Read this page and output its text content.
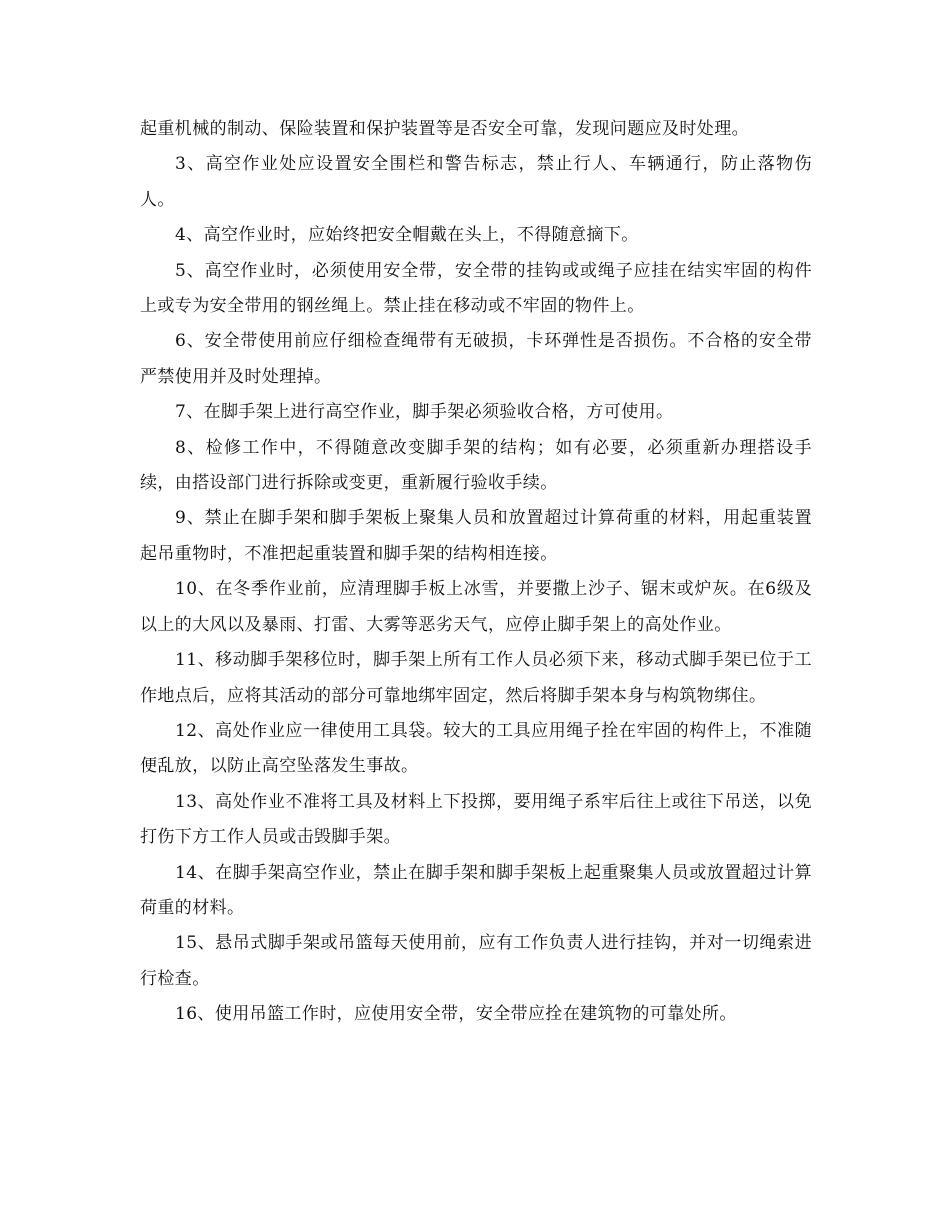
起重机械的制动、保险装置和保护装置等是否安全可靠，发现问题应及时处理。

3、高空作业处应设置安全围栏和警告标志，禁止行人、车辆通行，防止落物伤人。

4、高空作业时，应始终把安全帽戴在头上，不得随意摘下。

5、高空作业时，必须使用安全带，安全带的挂钩或或绳子应挂在结实牢固的构件上或专为安全带用的钢丝绳上。禁止挂在移动或不牢固的物件上。

6、安全带使用前应仔细检查绳带有无破损，卡环弹性是否损伤。不合格的安全带严禁使用并及时处理掉。

7、在脚手架上进行高空作业，脚手架必须验收合格，方可使用。

8、检修工作中，不得随意改变脚手架的结构；如有必要，必须重新办理搭设手续，由搭设部门进行拆除或变更，重新履行验收手续。

9、禁止在脚手架和脚手架板上聚集人员和放置超过计算荷重的材料，用起重装置起吊重物时，不准把起重装置和脚手架的结构相连接。

10、在冬季作业前，应清理脚手板上冰雪，并要撒上沙子、锯末或炉灰。在6级及以上的大风以及暴雨、打雷、大雾等恶劣天气，应停止脚手架上的高处作业。

11、移动脚手架移位时，脚手架上所有工作人员必须下来，移动式脚手架已位于工作地点后，应将其活动的部分可靠地绑牢固定，然后将脚手架本身与构筑物绑住。

12、高处作业应一律使用工具袋。较大的工具应用绳子拴在牢固的构件上，不准随便乱放，以防止高空坠落发生事故。

13、高处作业不准将工具及材料上下投掷，要用绳子系牢后往上或往下吊送，以免打伤下方工作人员或击毁脚手架。

14、在脚手架高空作业，禁止在脚手架和脚手架板上起重聚集人员或放置超过计算荷重的材料。

15、悬吊式脚手架或吊篮每天使用前，应有工作负责人进行挂钩，并对一切绳索进行检查。

16、使用吊篮工作时，应使用安全带，安全带应拴在建筑物的可靠处所。
